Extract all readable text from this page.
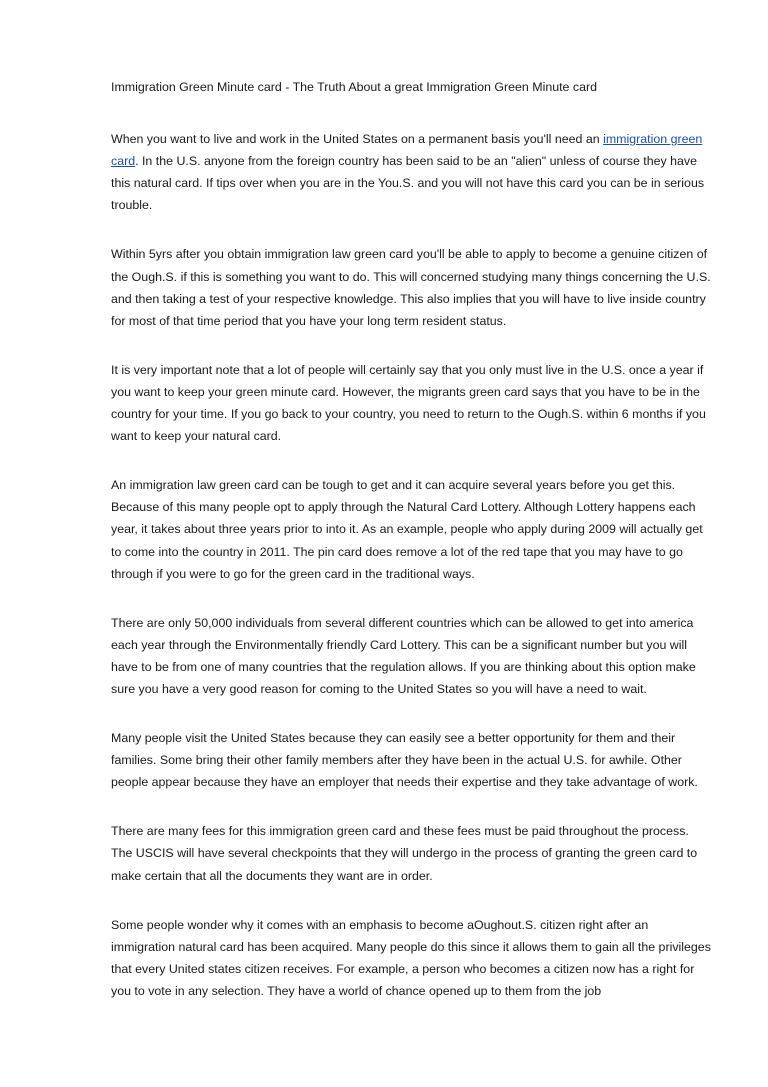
Immigration Green Minute card - The Truth About a great Immigration Green Minute card

When you want to live and work in the United States on a permanent basis you'll need an immigration green card. In the U.S. anyone from the foreign country has been said to be an "alien" unless of course they have this natural card. If tips over when you are in the You.S. and you will not have this card you can be in serious trouble.

Within 5yrs after you obtain immigration law green card you'll be able to apply to become a genuine citizen of the Ough.S. if this is something you want to do. This will concerned studying many things concerning the U.S. and then taking a test of your respective knowledge. This also implies that you will have to live inside country for most of that time period that you have your long term resident status.

It is very important note that a lot of people will certainly say that you only must live in the U.S. once a year if you want to keep your green minute card. However, the migrants green card says that you have to be in the country for your time. If you go back to your country, you need to return to the Ough.S. within 6 months if you want to keep your natural card.

An immigration law green card can be tough to get and it can acquire several years before you get this. Because of this many people opt to apply through the Natural Card Lottery. Although Lottery happens each year, it takes about three years prior to into it. As an example, people who apply during 2009 will actually get to come into the country in 2011. The pin card does remove a lot of the red tape that you may have to go through if you were to go for the green card in the traditional ways.

There are only 50,000 individuals from several different countries which can be allowed to get into america each year through the Environmentally friendly Card Lottery. This can be a significant number but you will have to be from one of many countries that the regulation allows. If you are thinking about this option make sure you have a very good reason for coming to the United States so you will have a need to wait.

Many people visit the United States because they can easily see a better opportunity for them and their families. Some bring their other family members after they have been in the actual U.S. for awhile. Other people appear because they have an employer that needs their expertise and they take advantage of work.

There are many fees for this immigration green card and these fees must be paid throughout the process. The USCIS will have several checkpoints that they will undergo in the process of granting the green card to make certain that all the documents they want are in order.

Some people wonder why it comes with an emphasis to become aOughout.S. citizen right after an immigration natural card has been acquired. Many people do this since it allows them to gain all the privileges that every United states citizen receives. For example, a person who becomes a citizen now has a right for you to vote in any selection. They have a world of chance opened up to them from the job
